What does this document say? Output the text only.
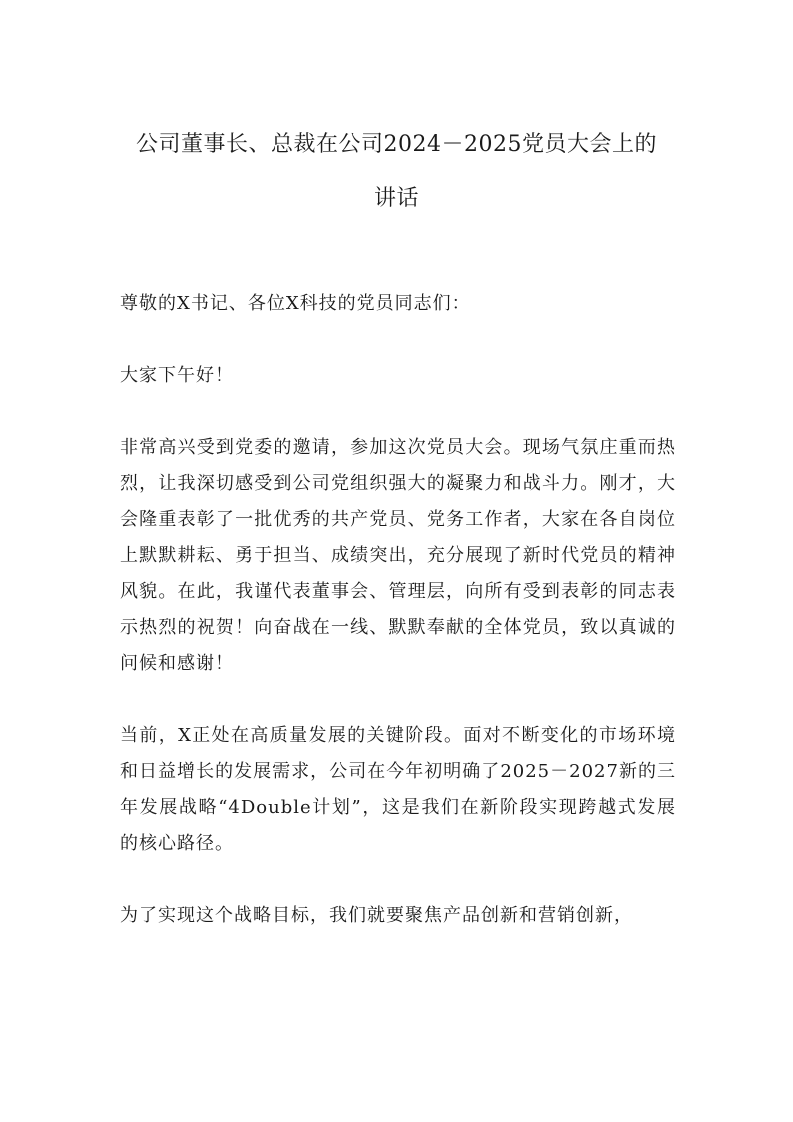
公司董事长、总裁在公司2024－2025党员大会上的
讲话

尊敬的X书记、各位X科技的党员同志们：

大家下午好！

非常高兴受到党委的邀请，参加这次党员大会。现场气氛庄重而热烈，让我深切感受到公司党组织强大的凝聚力和战斗力。刚才，大会隆重表彰了一批优秀的共产党员、党务工作者，大家在各自岗位上默默耕耘、勇于担当、成绩突出，充分展现了新时代党员的精神风貌。在此，我谨代表董事会、管理层，向所有受到表彰的同志表示热烈的祝贺！向奋战在一线、默默奉献的全体党员，致以真诚的问候和感谢！

当前，X正处在高质量发展的关键阶段。面对不断变化的市场环境和日益增长的发展需求，公司在今年初明确了2025－2027新的三年发展战略“4Double计划”，这是我们在新阶段实现跨越式发展的核心路径。

为了实现这个战略目标，我们就要聚焦产品创新和营销创新，
